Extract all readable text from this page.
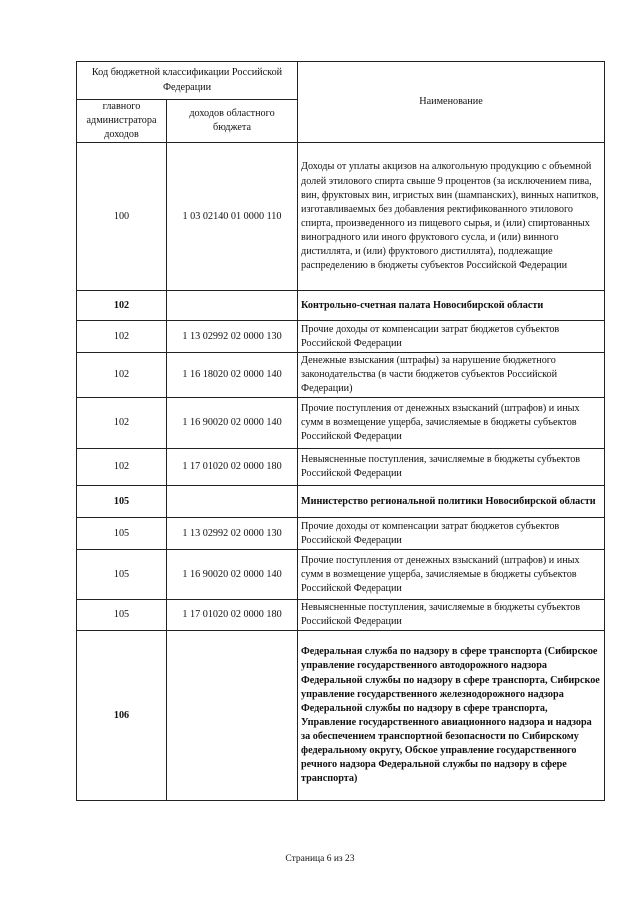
Код бюджетной классификации Российской Федерации		Наименование
главного администратора доходов	доходов областного бюджета	
100	1 03 02140 01 0000 110	Доходы от уплаты акцизов на алкогольную продукцию с объемной долей этилового спирта свыше 9 процентов (за исключением пива, вин, фруктовых вин, игристых вин (шампанских), винных напитков, изготавливаемых без добавления ректификованного этилового спирта, произведенного из пищевого сырья, и (или) спиртованных виноградного или иного фруктового сусла, и (или) винного дистиллята, и (или) фруктового дистиллята), подлежащие распределению в бюджеты субъектов Российской Федерации
102		Контрольно-счетная палата Новосибирской области
102	1 13 02992 02 0000 130	Прочие доходы от компенсации затрат бюджетов субъектов Российской Федерации
102	1 16 18020 02 0000 140	Денежные взыскания (штрафы) за нарушение бюджетного законодательства (в части бюджетов субъектов Российской Федерации)
102	1 16 90020 02 0000 140	Прочие поступления от денежных взысканий (штрафов) и иных сумм в возмещение ущерба, зачисляемые в бюджеты субъектов Российской Федерации
102	1 17 01020 02 0000 180	Невыясненные поступления, зачисляемые в бюджеты субъектов Российской Федерации
105		Министерство региональной политики Новосибирской области
105	1 13 02992 02 0000 130	Прочие доходы от компенсации затрат бюджетов субъектов Российской Федерации
105	1 16 90020 02 0000 140	Прочие поступления от денежных взысканий (штрафов) и иных сумм в возмещение ущерба, зачисляемые в бюджеты субъектов Российской Федерации
105	1 17 01020 02 0000 180	Невыясненные поступления, зачисляемые в бюджеты субъектов Российской Федерации
106		Федеральная служба по надзору в сфере транспорта (Сибирское управление государственного автодорожного надзора Федеральной службы по надзору в сфере транспорта, Сибирское управление государственного железнодорожного надзора Федеральной службы по надзору в сфере транспорта, Управление государственного авиационного надзора и надзора за обеспечением транспортной безопасности по Сибирскому федеральному округу, Обское управление государственного речного надзора Федеральной службы по надзору в сфере транспорта)
Страница 6 из 23
